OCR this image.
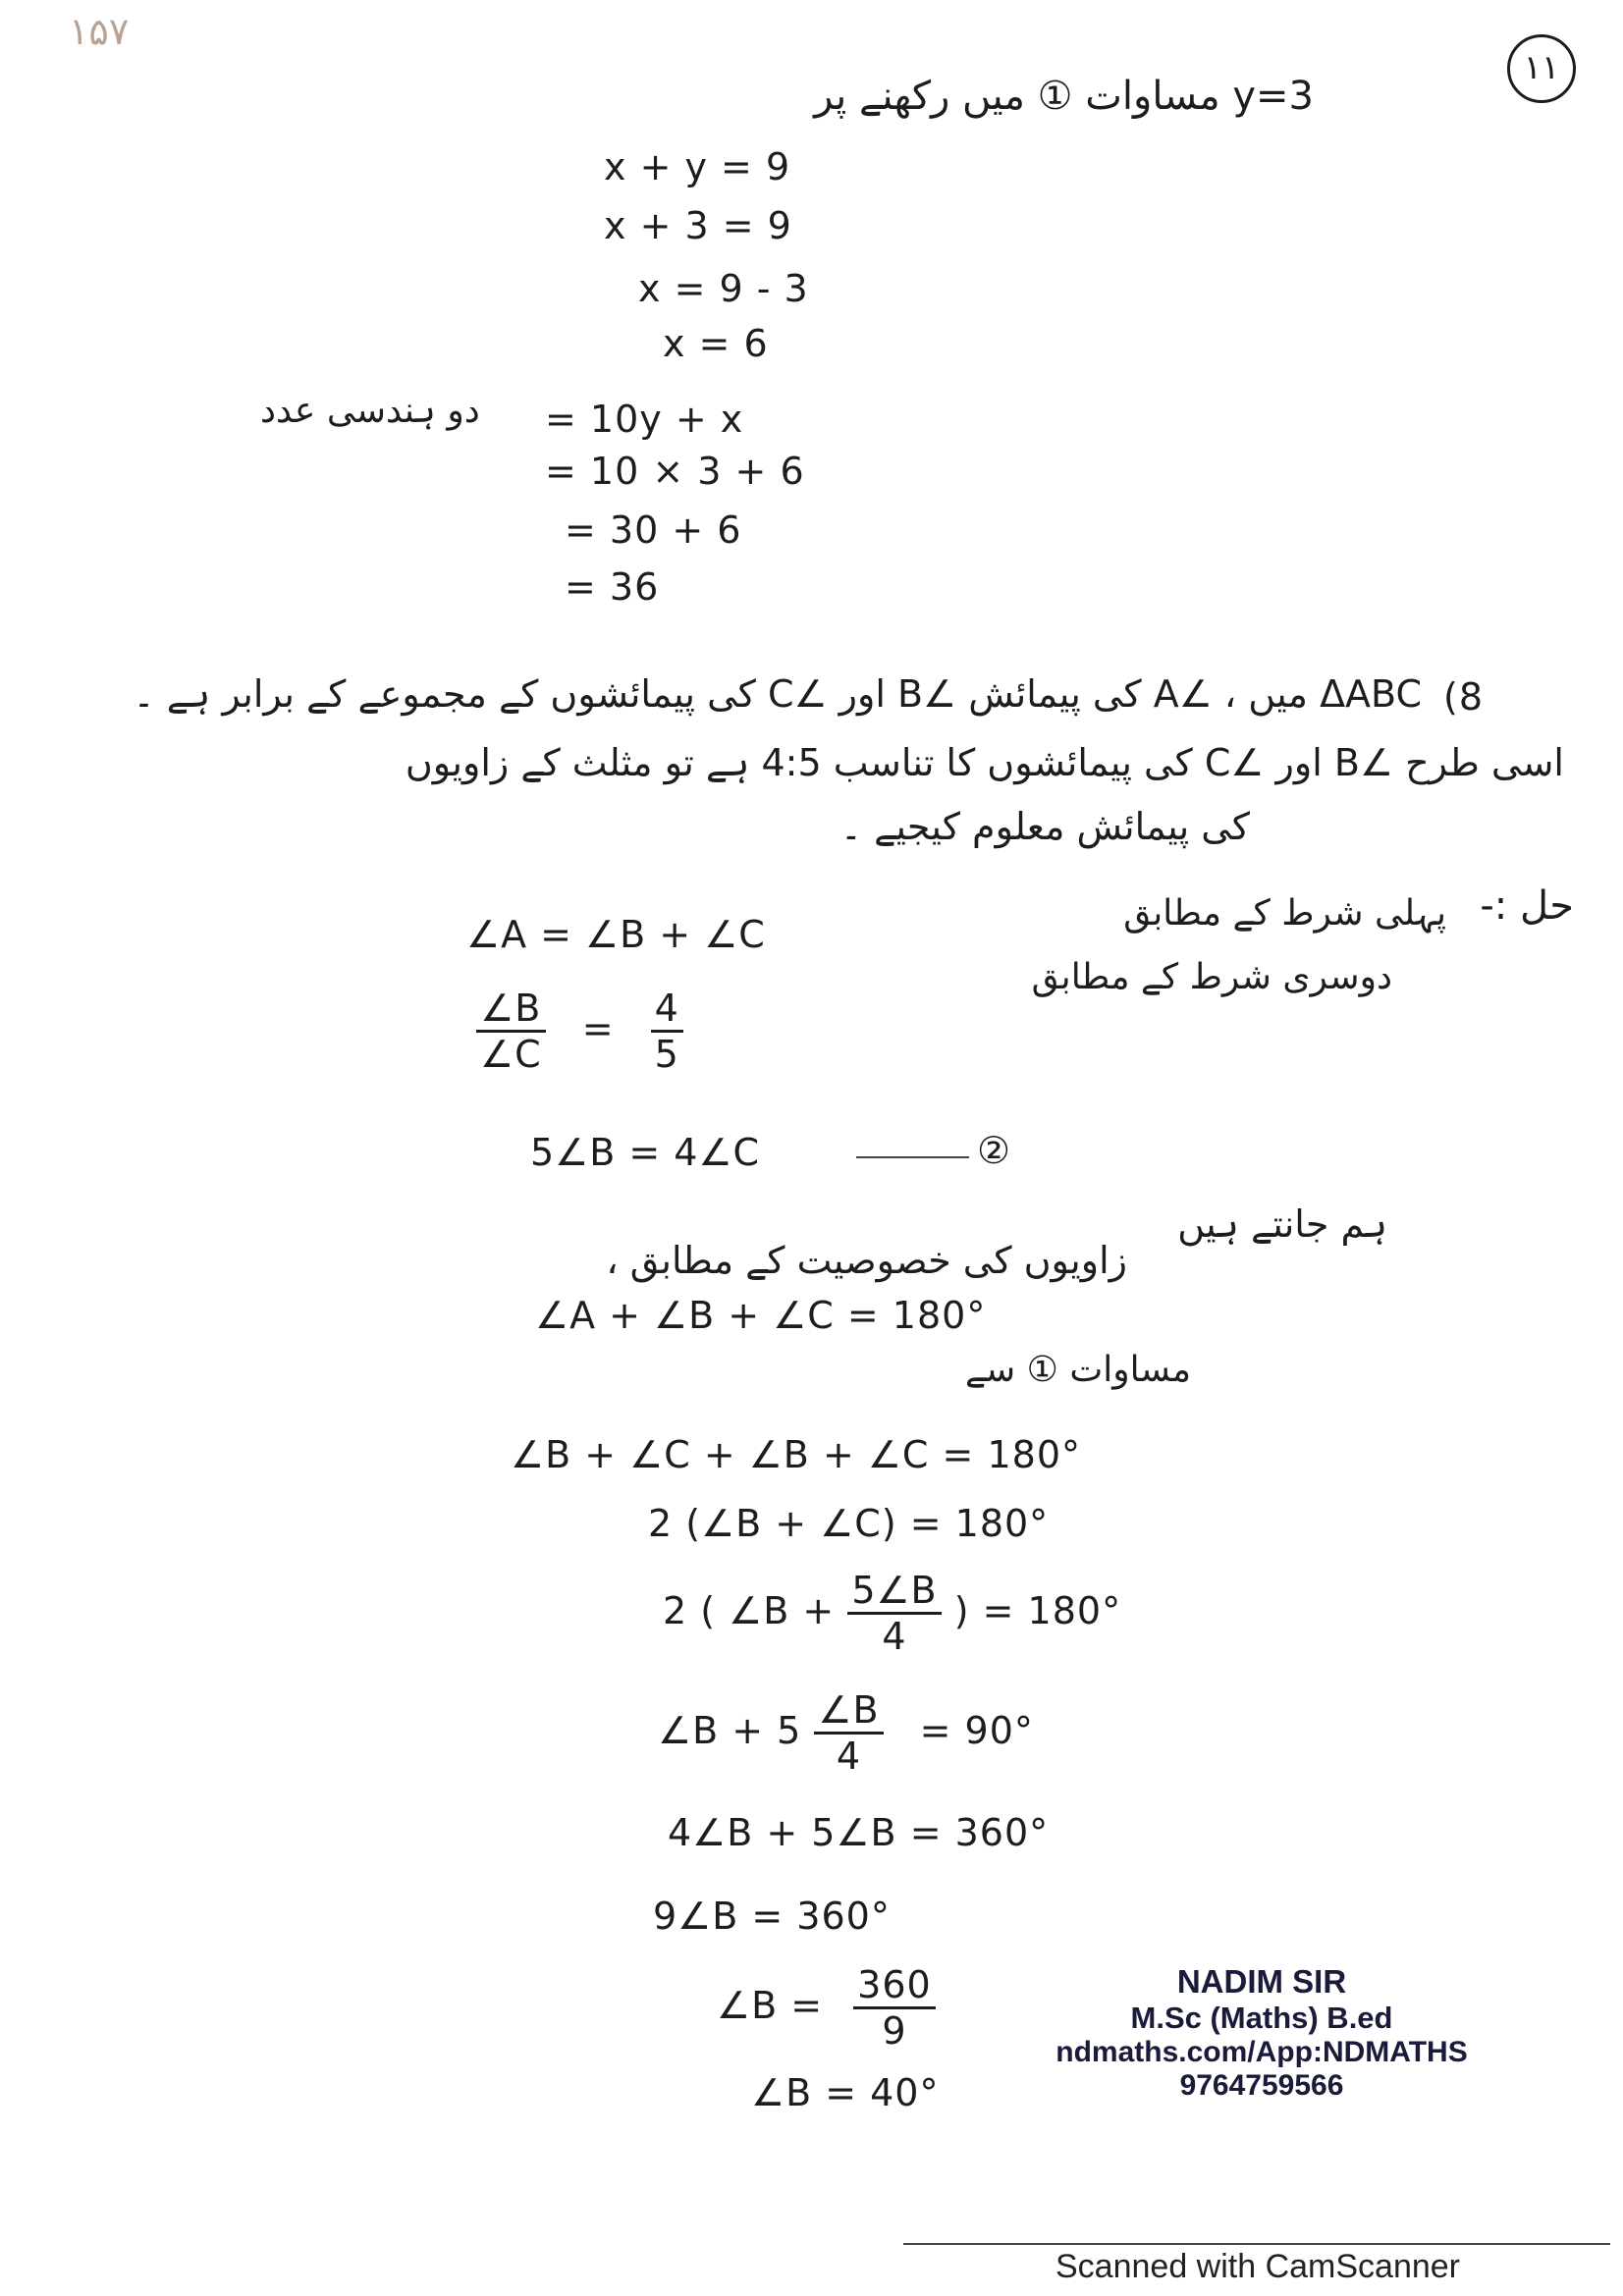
۱۵۷
۱۱
y=3 مساوات ① میں رکھنے پر
x + y = 9
x + 3 = 9
x = 9 - 3
x = 6
دو ہندسی عدد = 10y + x
= 10 × 3 + 6
= 30 + 6
= 36
(8
ΔABC میں ، ∠A کی پیمائش ∠B اور ∠C کی پیمائشوں کے مجموعے کے برابر ہے ۔
اسی طرح ∠B اور ∠C کی پیمائشوں کا تناسب 4:5 ہے تو مثلث کے زاویوں
کی پیمائش معلوم کیجیے ۔
حل :-
پہلی شرط کے مطابق
دوسری شرط کے مطابق
∠A = ∠B + ∠C
$\frac{\angle B}{\angle C} = \frac{4}{5}$
5∠B = 4∠C	②
ہم جانتے ہیں
زاویوں کی خصوصیت کے مطابق ،
∠A + ∠B + ∠C = 180°
مساوات ① سے
∠B + ∠C + ∠B + ∠C = 180°
2 (∠B + ∠C) = 180°
2 ( ∠B + $\frac{5\angle B}{4}$ ) = 180°
∠B + $5 \frac{\angle B}{4} = 90^\circ$
4∠B + 5∠B = 360°
9∠B = 360°
∠B = $\frac{360}{9}$
∠B = 40°
NADIM SIR
M.Sc (Maths) B.ed
ndmaths.com/App:NDMATHS
9764759566
Scanned with CamScanner
